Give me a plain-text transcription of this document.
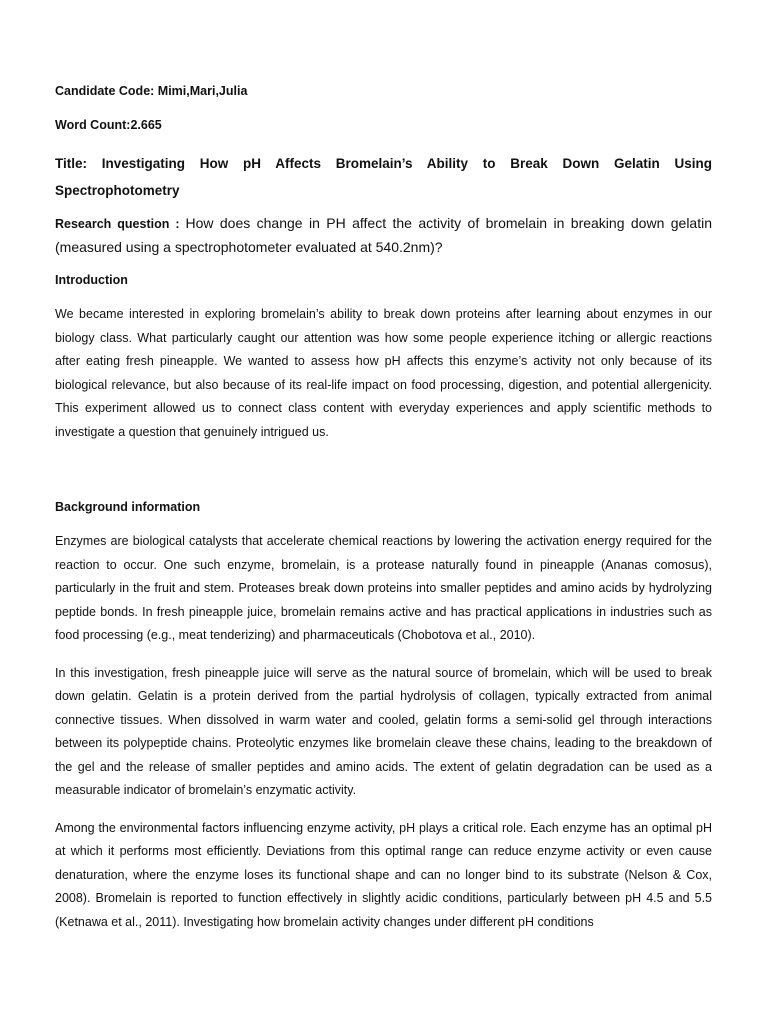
Candidate Code: Mimi,Mari,Julia

Word Count:2.665

Title: Investigating How pH Affects Bromelain’s Ability to Break Down Gelatin Using Spectrophotometry

Research question : How does change in PH affect the activity of bromelain in breaking down gelatin (measured using a spectrophotometer evaluated at 540.2nm)?

Introduction

We became interested in exploring bromelain’s ability to break down proteins after learning about enzymes in our biology class. What particularly caught our attention was how some people experience itching or allergic reactions after eating fresh pineapple. We wanted to assess how pH affects this enzyme’s activity not only because of its biological relevance, but also because of its real-life impact on food processing, digestion, and potential allergenicity. This experiment allowed us to connect class content with everyday experiences and apply scientific methods to investigate a question that genuinely intrigued us.

Background information

Enzymes are biological catalysts that accelerate chemical reactions by lowering the activation energy required for the reaction to occur. One such enzyme, bromelain, is a protease naturally found in pineapple (Ananas comosus), particularly in the fruit and stem. Proteases break down proteins into smaller peptides and amino acids by hydrolyzing peptide bonds. In fresh pineapple juice, bromelain remains active and has practical applications in industries such as food processing (e.g., meat tenderizing) and pharmaceuticals (Chobotova et al., 2010).

In this investigation, fresh pineapple juice will serve as the natural source of bromelain, which will be used to break down gelatin. Gelatin is a protein derived from the partial hydrolysis of collagen, typically extracted from animal connective tissues. When dissolved in warm water and cooled, gelatin forms a semi-solid gel through interactions between its polypeptide chains. Proteolytic enzymes like bromelain cleave these chains, leading to the breakdown of the gel and the release of smaller peptides and amino acids. The extent of gelatin degradation can be used as a measurable indicator of bromelain’s enzymatic activity.

Among the environmental factors influencing enzyme activity, pH plays a critical role. Each enzyme has an optimal pH at which it performs most efficiently. Deviations from this optimal range can reduce enzyme activity or even cause denaturation, where the enzyme loses its functional shape and can no longer bind to its substrate (Nelson & Cox, 2008). Bromelain is reported to function effectively in slightly acidic conditions, particularly between pH 4.5 and 5.5 (Ketnawa et al., 2011). Investigating how bromelain activity changes under different pH conditions
